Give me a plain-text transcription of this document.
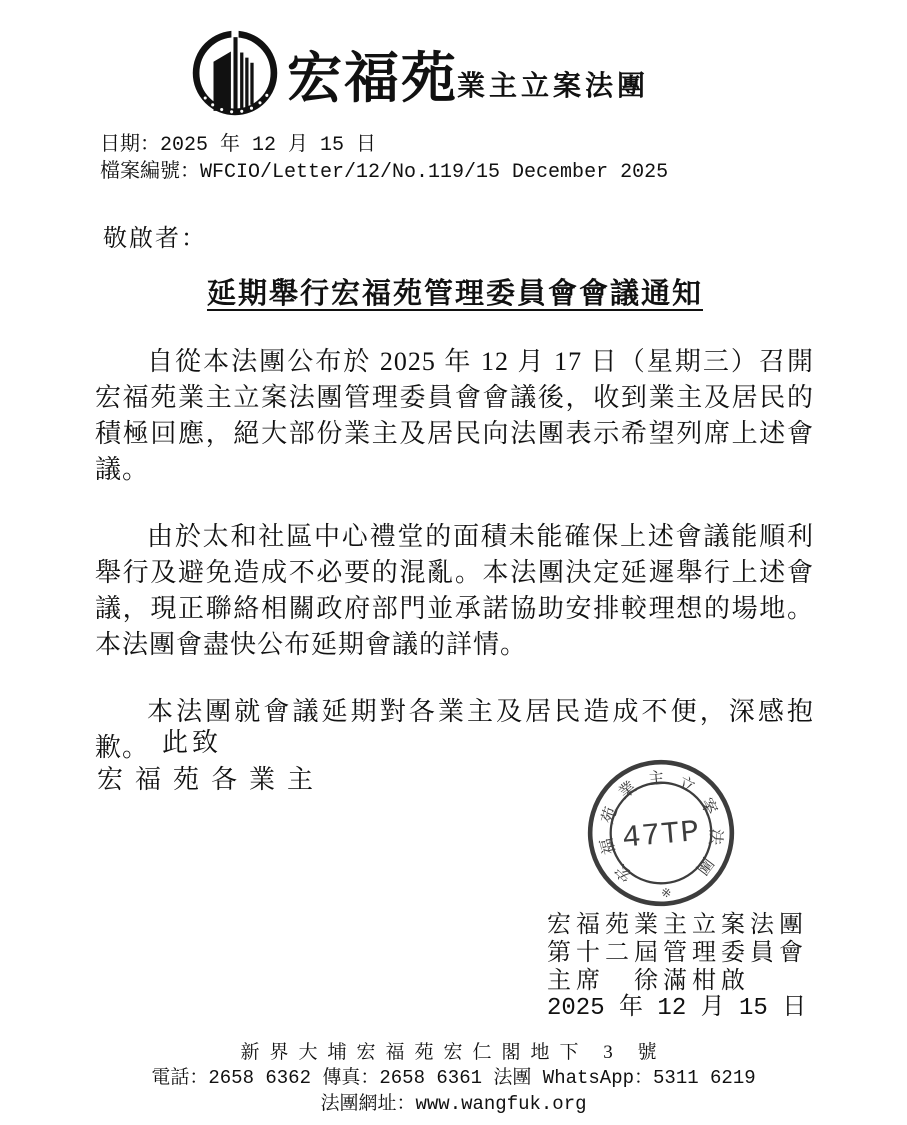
宏福苑
業主立案法團
日期：2025 年 12 月 15 日
檔案編號：WFCIO/Letter/12/No.119/15 December 2025
敬啟者：
延期舉行宏福苑管理委員會會議通知

自從本法團公布於 2025 年 12 月 17 日（星期三）召開宏福苑業主立案法團管理委員會會議後，收到業主及居民的積極回應，絕大部份業主及居民向法團表示希望列席上述會議。

由於太和社區中心禮堂的面積未能確保上述會議能順利舉行及避免造成不必要的混亂。本法團決定延遲舉行上述會議，現正聯絡相關政府部門並承諾協助安排較理想的場地。本法團會盡快公布延期會議的詳情。

本法團就會議延期對各業主及居民造成不便，深感抱歉。 此致
宏福苑各業主
宏
福
苑
業 主 立
案
法
團
※
47TP
宏福苑業主立案法團
第十二屆管理委員會
主席　徐滿柑啟
2025 年 12 月 15 日
新界大埔宏福苑宏仁閣地下 3 號
電話：2658 6362 傳真：2658 6361 法團 WhatsApp：5311 6219
法團網址：www.wangfuk.org
